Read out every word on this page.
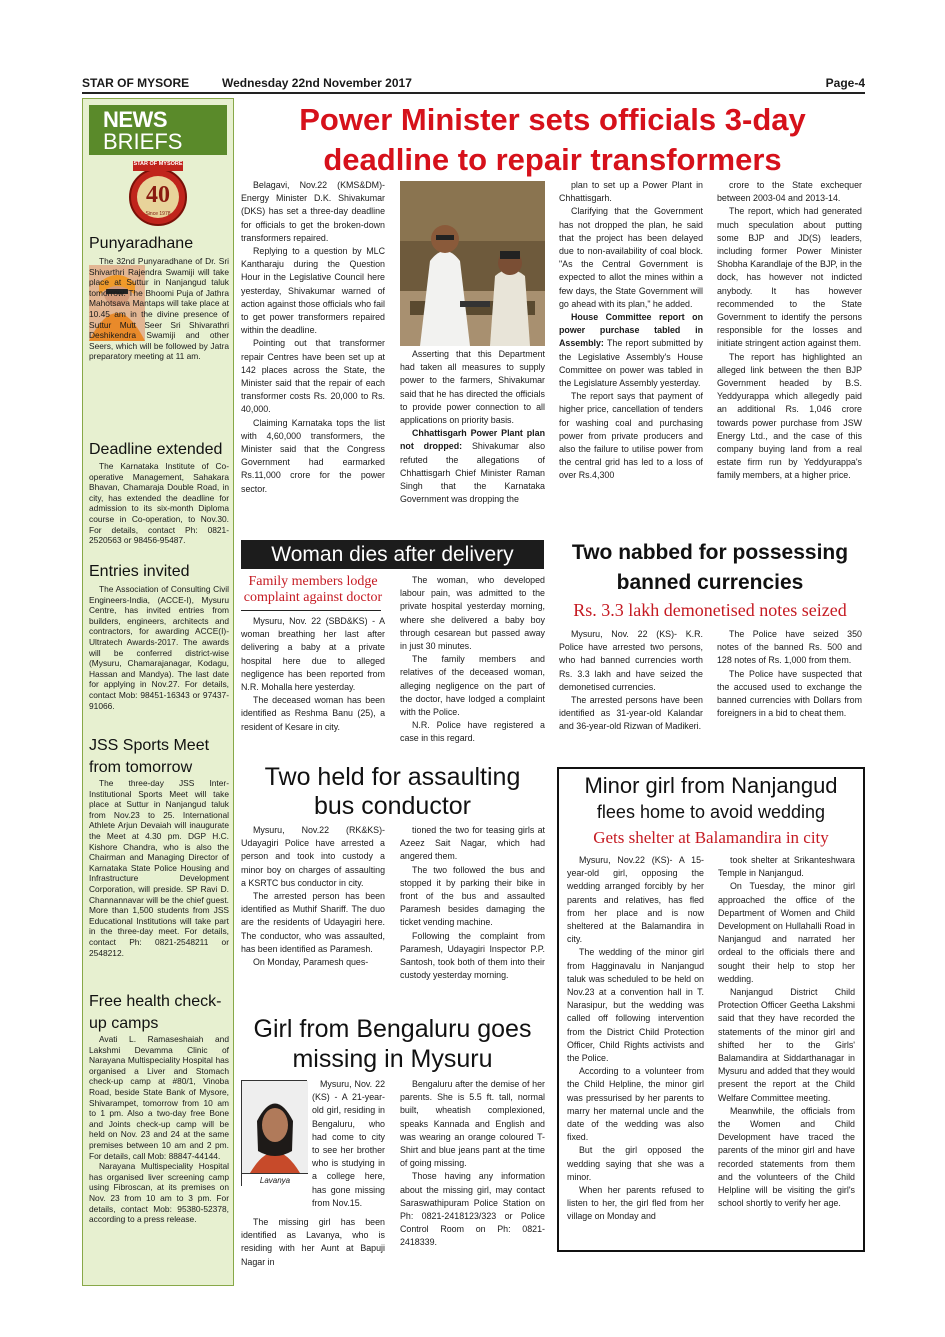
STAR OF MYSORE	Wednesday 22nd November 2017	Page-4
NEWS
BRIEFS
STAR OF MYSORE
40
Since 1978
Punyaradhane

The 32nd Punyaradhane of Dr. Sri Shivarthri Rajendra Swamiji will take place at Suttur in Nanjangud taluk tomorrow. The Bhoomi Puja of Jathra Mahotsava Mantaps will take place at 10.45 am in the divine presence of Suttur Mutt Seer Sri Shivarathri Deshikendra Swamiji and other Seers, which will be followed by Jatra preparatory meeting at 11 am.

Deadline extended

The Karnataka Institute of Co-operative Management, Sahakara Bhavan, Chamaraja Double Road, in city, has extended the deadline for admission to its six-month Diploma course in Co-operation, to Nov.30. For details, contact Ph: 0821-2520563 or 98456-95487.

Entries invited

The Association of Consulting Civil Engineers-India, (ACCE-I), Mysuru Centre, has invited entries from builders, engineers, architects and contractors, for awarding ACCE(I)-Ultratech Awards-2017. The awards will be conferred district-wise (Mysuru, Chamarajanagar, Kodagu, Hassan and Mandya). The last date for applying in Nov.27. For details, contact Mob: 98451-16343 or 97437-91066.

JSS Sports Meet from tomorrow

The three-day JSS Inter-Institutional Sports Meet will take place at Suttur in Nanjangud taluk from Nov.23 to 25. International Athlete Arjun Devaiah will inaugurate the Meet at 4.30 pm. DGP H.C. Kishore Chandra, who is also the Chairman and Managing Director of Karnataka State Police Housing and Infrastructure Development Corporation, will preside. SP Ravi D. Channannavar will be the chief guest. More than 1,500 students from JSS Educational Institutions will take part in the three-day meet. For details, contact Ph: 0821-2548211 or 2548212.

Free health check-up camps

Avati L. Ramaseshaiah and Lakshmi Devamma Clinic of Narayana Multispeciality Hospital has organised a Liver and Stomach check-up camp at #80/1, Vinoba Road, beside State Bank of Mysore, Shivarampet, tomorrow from 10 am to 1 pm. Also a two-day free Bone and Joints check-up camp will be held on Nov. 23 and 24 at the same premises between 10 am and 2 pm. For details, call Mob: 88847-44144.

Narayana Multispeciality Hospital has organised liver screening camp using Fibroscan, at its premises on Nov. 23 from 10 am to 3 pm. For details, contact Mob: 95380-52378, according to a press release.

Power Minister sets officials 3-day
deadline to repair transformers

Belagavi, Nov.22 (KMS&DM)- Energy Minister D.K. Shivakumar (DKS) has set a three-day deadline for officials to get the broken-down transformers repaired.

Replying to a question by MLC Kantharaju during the Question Hour in the Legislative Council here yesterday, Shivakumar warned of action against those officials who fail to get power transformers repaired within the deadline.

Pointing out that transformer repair Centres have been set up at 142 places across the State, the Minister said that the repair of each transformer costs Rs. 20,000 to Rs. 40,000.

Claiming Karnataka tops the list with 4,60,000 transformers, the Minister said that the Congress Government had earmarked Rs.11,000 crore for the power sector.

Asserting that this Department had taken all measures to supply power to the farmers, Shivakumar said that he has directed the officials to provide power connection to all applications on priority basis.

Chhattisgarh Power Plant plan not dropped: Shivakumar also refuted the allegations of Chhattisgarh Chief Minister Raman Singh that the Karnataka Government was dropping the

plan to set up a Power Plant in Chhattisgarh.

Clarifying that the Government has not dropped the plan, he said that the project has been delayed due to non-availability of coal block. "As the Central Government is expected to allot the mines within a few days, the State Government will go ahead with its plan," he added.

House Committee report on power purchase tabled in Assembly: The report submitted by the Legislative Assembly's House Committee on power was tabled in the Legislature Assembly yesterday.

The report says that payment of higher price, cancellation of tenders for washing coal and purchasing power from private producers and also the failure to utilise power from the central grid has led to a loss of over Rs.4,300

crore to the State exchequer between 2003-04 and 2013-14.

The report, which had generated much speculation about putting some BJP and JD(S) leaders, including former Power Minister Shobha Karandlaje of the BJP, in the dock, has however not indicted anybody. It has however recommended to the State Government to identify the persons responsible for the losses and initiate stringent action against them.

The report has highlighted an alleged link between the then BJP Government headed by B.S. Yeddyurappa which allegedly paid an additional Rs. 1,046 crore towards power purchase from JSW Energy Ltd., and the case of this company buying land from a real estate firm run by Yeddyurappa's family members, at a higher price.

Woman dies after delivery
Family members lodge complaint against doctor

Mysuru, Nov. 22 (SBD&KS) - A woman breathing her last after delivering a baby at a private hospital here due to alleged negligence has been reported from N.R. Mohalla here yesterday.

The deceased woman has been identified as Reshma Banu (25), a resident of Kesare in city.

The woman, who developed labour pain, was admitted to the private hospital yesterday morning, where she delivered a baby boy through cesarean but passed away in just 30 minutes.

The family members and relatives of the deceased woman, alleging negligence on the part of the doctor, have lodged a complaint with the Police.

N.R. Police have registered a case in this regard.

Two nabbed for possessing
banned currencies
Rs. 3.3 lakh demonetised notes seized

Mysuru, Nov. 22 (KS)- K.R. Police have arrested two persons, who had banned currencies worth Rs. 3.3 lakh and have seized the demonetised currencies.

The arrested persons have been identified as 31-year-old Kalandar and 36-year-old Rizwan of Madikeri.

The Police have seized 350 notes of the banned Rs. 500 and 128 notes of Rs. 1,000 from them.

The Police have suspected that the accused used to exchange the banned currencies with Dollars from foreigners in a bid to cheat them.

Two held for assaulting
bus conductor

Mysuru, Nov.22 (RK&KS)- Udayagiri Police have arrested a person and took into custody a minor boy on charges of assaulting a KSRTC bus conductor in city.

The arrested person has been identified as Muthif Shariff. The duo are the residents of Udayagiri here. The conductor, who was assaulted, has been identified as Paramesh.

On Monday, Paramesh ques-

tioned the two for teasing girls at Azeez Sait Nagar, which had angered them.

The two followed the bus and stopped it by parking their bike in front of the bus and assaulted Paramesh besides damaging the ticket vending machine.

Following the complaint from Paramesh, Udayagiri Inspector P.P. Santosh, took both of them into their custody yesterday morning.

Girl from Bengaluru goes
missing in Mysuru
Lavanya

Mysuru, Nov. 22 (KS) - A 21-year-old girl, residing in Bengaluru, who had come to city to see her brother who is studying in a college here, has gone missing from Nov.15.

The missing girl has been identified as Lavanya, who is residing with her Aunt at Bapuji Nagar in

Bengaluru after the demise of her parents. She is 5.5 ft. tall, normal built, wheatish complexioned, speaks Kannada and English and was wearing an orange coloured T-Shirt and blue jeans pant at the time of going missing.

Those having any information about the missing girl, may contact Saraswathipuram Police Station on Ph: 0821-2418123/323 or Police Control Room on Ph: 0821-2418339.

Minor girl from Nanjangud
flees home to avoid wedding
Gets shelter at Balamandira in city

Mysuru, Nov.22 (KS)- A 15-year-old girl, opposing the wedding arranged forcibly by her parents and relatives, has fled from her place and is now sheltered at the Balamandira in city.

The wedding of the minor girl from Hagginavalu in Nanjangud taluk was scheduled to be held on Nov.23 at a convention hall in T. Narasipur, but the wedding was called off following intervention from the District Child Protection Officer, Child Rights activists and the Police.

According to a volunteer from the Child Helpline, the minor girl was pressurised by her parents to marry her maternal uncle and the date of the wedding was also fixed.

But the girl opposed the wedding saying that she was a minor.

When her parents refused to listen to her, the girl fled from her village on Monday and

took shelter at Srikanteshwara Temple in Nanjangud.

On Tuesday, the minor girl approached the office of the Department of Women and Child Development on Hullahalli Road in Nanjangud and narrated her ordeal to the officials there and sought their help to stop her wedding.

Nanjangud District Child Protection Officer Geetha Lakshmi said that they have recorded the statements of the minor girl and shifted her to the Girls' Balamandira at Siddarthanagar in Mysuru and added that they would present the report at the Child Welfare Committee meeting.

Meanwhile, the officials from the Women and Child Development have traced the parents of the minor girl and have recorded statements from them and the volunteers of the Child Helpline will be visiting the girl's school shortly to verify her age.
